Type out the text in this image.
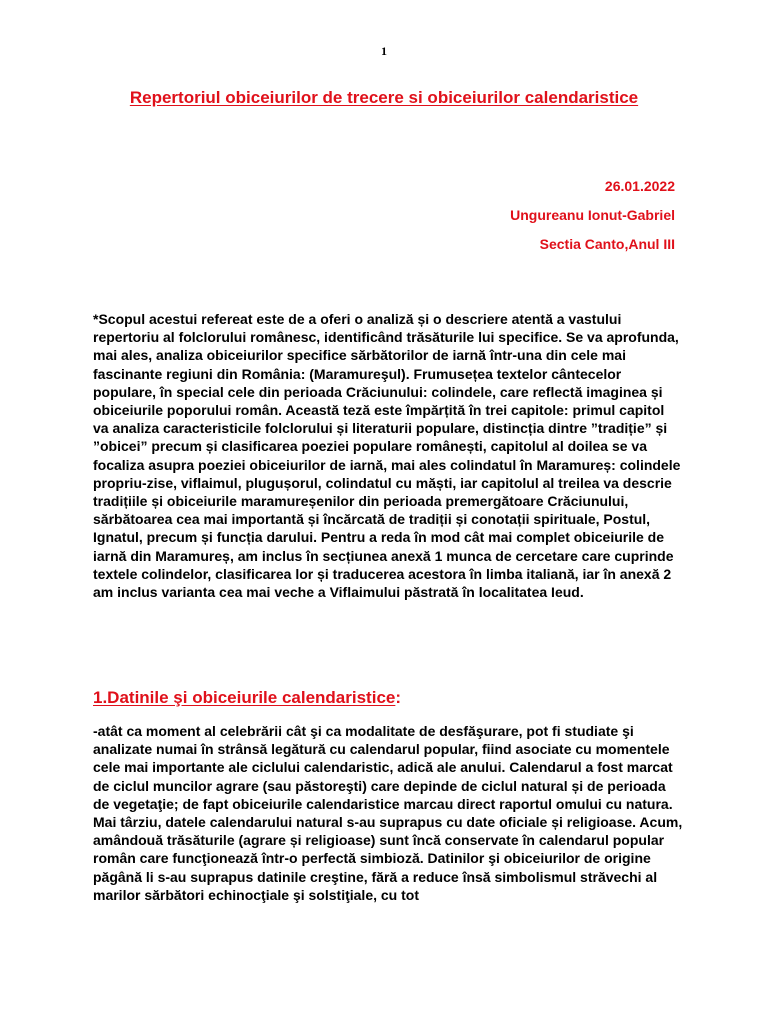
1
Repertoriul obiceiurilor de trecere si obiceiurilor calendaristice
26.01.2022
Ungureanu Ionut-Gabriel
Sectia Canto,Anul III

*Scopul acestui refereat este de a oferi o analiză și o descriere atentă a vastului repertoriu al folclorului românesc, identificând trăsăturile lui specifice. Se va aprofunda, mai ales, analiza obiceiurilor specifice sărbătorilor de iarnă într-una din cele mai fascinante regiuni din România: (Maramureşul). Frumusețea textelor cântecelor populare, în special cele din perioada Crăciunului: colindele, care reflectă imaginea și obiceiurile poporului român. Această teză este împărțită în trei capitole: primul capitol va analiza caracteristicile folclorului și literaturii populare, distincția dintre ”tradiție” și ”obicei” precum și clasificarea poeziei populare românești, capitolul al doilea se va focaliza asupra poeziei obiceiurilor de iarnă, mai ales colindatul în Maramureș: colindele propriu-zise, viflaimul, plugușorul, colindatul cu măști, iar capitolul al treilea va descrie tradițiile și obiceiurile maramureșenilor din perioada premergătoare Crăciunului, sărbătoarea cea mai importantă și încărcată de tradiții și conotații spirituale, Postul, Ignatul, precum și funcția darului. Pentru a reda în mod cât mai complet obiceiurile de iarnă din Maramureș, am inclus în secțiunea anexă 1 munca de cercetare care cuprinde textele colindelor, clasificarea lor și traducerea acestora în limba italiană, iar în anexă 2 am inclus varianta cea mai veche a Viflaimului păstrată în localitatea Ieud.

1.Datinile şi obiceiurile calendaristice:

-atât ca moment al celebrării cât şi ca modalitate de desfăşurare, pot fi studiate şi analizate numai în strânsă legătură cu calendarul popular, fiind asociate cu momentele cele mai importante ale ciclului calendaristic, adică ale anului. Calendarul a fost marcat de ciclul muncilor agrare (sau păstoreşti) care depinde de ciclul natural și de perioada de vegetaţie; de fapt obiceiurile calendaristice marcau direct raportul omului cu natura. Mai târziu, datele calendarului natural s-au suprapus cu date oficiale și religioase. Acum, amândouă trăsăturile (agrare și religioase) sunt încă conservate în calendarul popular român care funcţionează într-o perfectă simbioză. Datinilor şi obiceiurilor de origine păgână li s-au suprapus datinile creştine, fără a reduce însă simbolismul străvechi al marilor sărbători echinocţiale şi solstiţiale, cu tot
